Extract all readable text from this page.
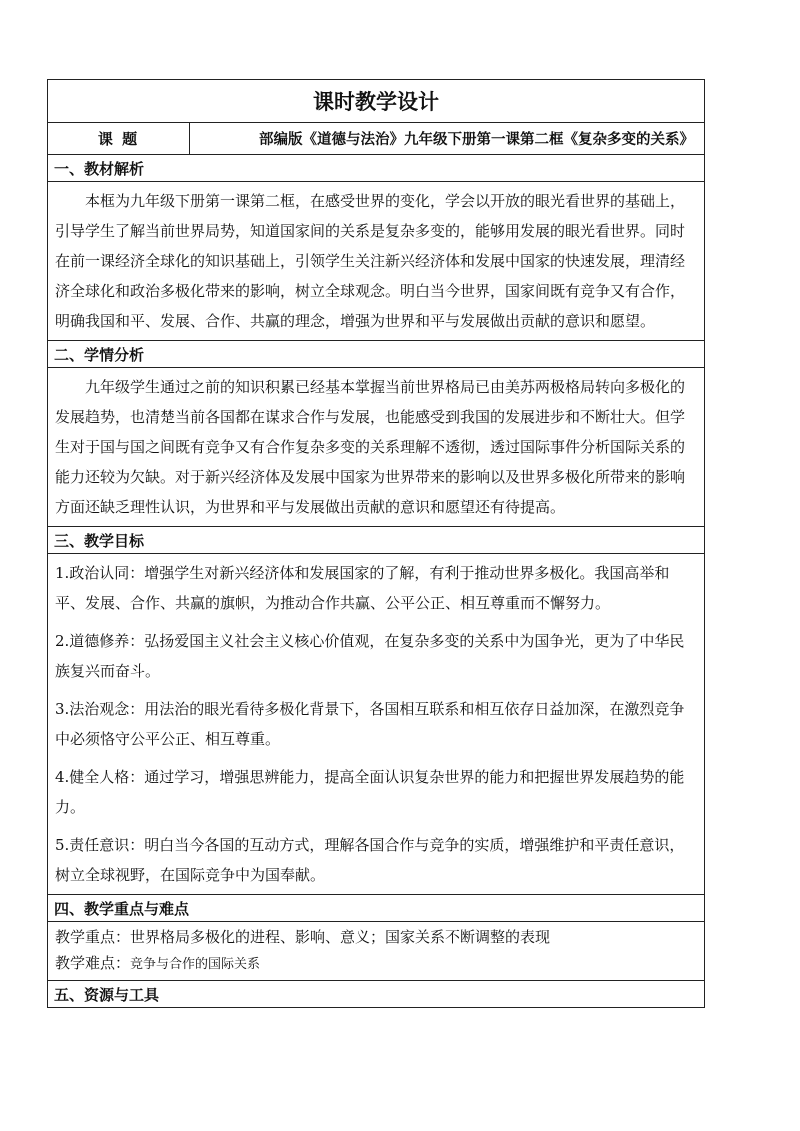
课时教学设计
课 题	部编版《道德与法治》九年级下册第一课第二框《复杂多变的关系》
一、教材解析

本框为九年级下册第一课第二框，在感受世界的变化，学会以开放的眼光看世界的基础上，引导学生了解当前世界局势，知道国家间的关系是复杂多变的，能够用发展的眼光看世界。同时在前一课经济全球化的知识基础上，引领学生关注新兴经济体和发展中国家的快速发展，理清经济全球化和政治多极化带来的影响，树立全球观念。明白当今世界，国家间既有竞争又有合作，明确我国和平、发展、合作、共赢的理念，增强为世界和平与发展做出贡献的意识和愿望。

二、学情分析

九年级学生通过之前的知识积累已经基本掌握当前世界格局已由美苏两极格局转向多极化的发展趋势，也清楚当前各国都在谋求合作与发展，也能感受到我国的发展进步和不断壮大。但学生对于国与国之间既有竞争又有合作复杂多变的关系理解不透彻，透过国际事件分析国际关系的能力还较为欠缺。对于新兴经济体及发展中国家为世界带来的影响以及世界多极化所带来的影响方面还缺乏理性认识，为世界和平与发展做出贡献的意识和愿望还有待提高。

三、教学目标

1.政治认同：增强学生对新兴经济体和发展国家的了解，有利于推动世界多极化。我国高举和平、发展、合作、共赢的旗帜，为推动合作共赢、公平公正、相互尊重而不懈努力。

2.道德修养：弘扬爱国主义社会主义核心价值观，在复杂多变的关系中为国争光，更为了中华民族复兴而奋斗。

3.法治观念：用法治的眼光看待多极化背景下，各国相互联系和相互依存日益加深，在激烈竞争中必须恪守公平公正、相互尊重。

4.健全人格：通过学习，增强思辨能力，提高全面认识复杂世界的能力和把握世界发展趋势的能力。

5.责任意识：明白当今各国的互动方式，理解各国合作与竞争的实质，增强维护和平责任意识，树立全球视野，在国际竞争中为国奉献。

四、教学重点与难点

教学重点：世界格局多极化的进程、影响、意义；国家关系不断调整的表现

教学难点：竞争与合作的国际关系

五、资源与工具
